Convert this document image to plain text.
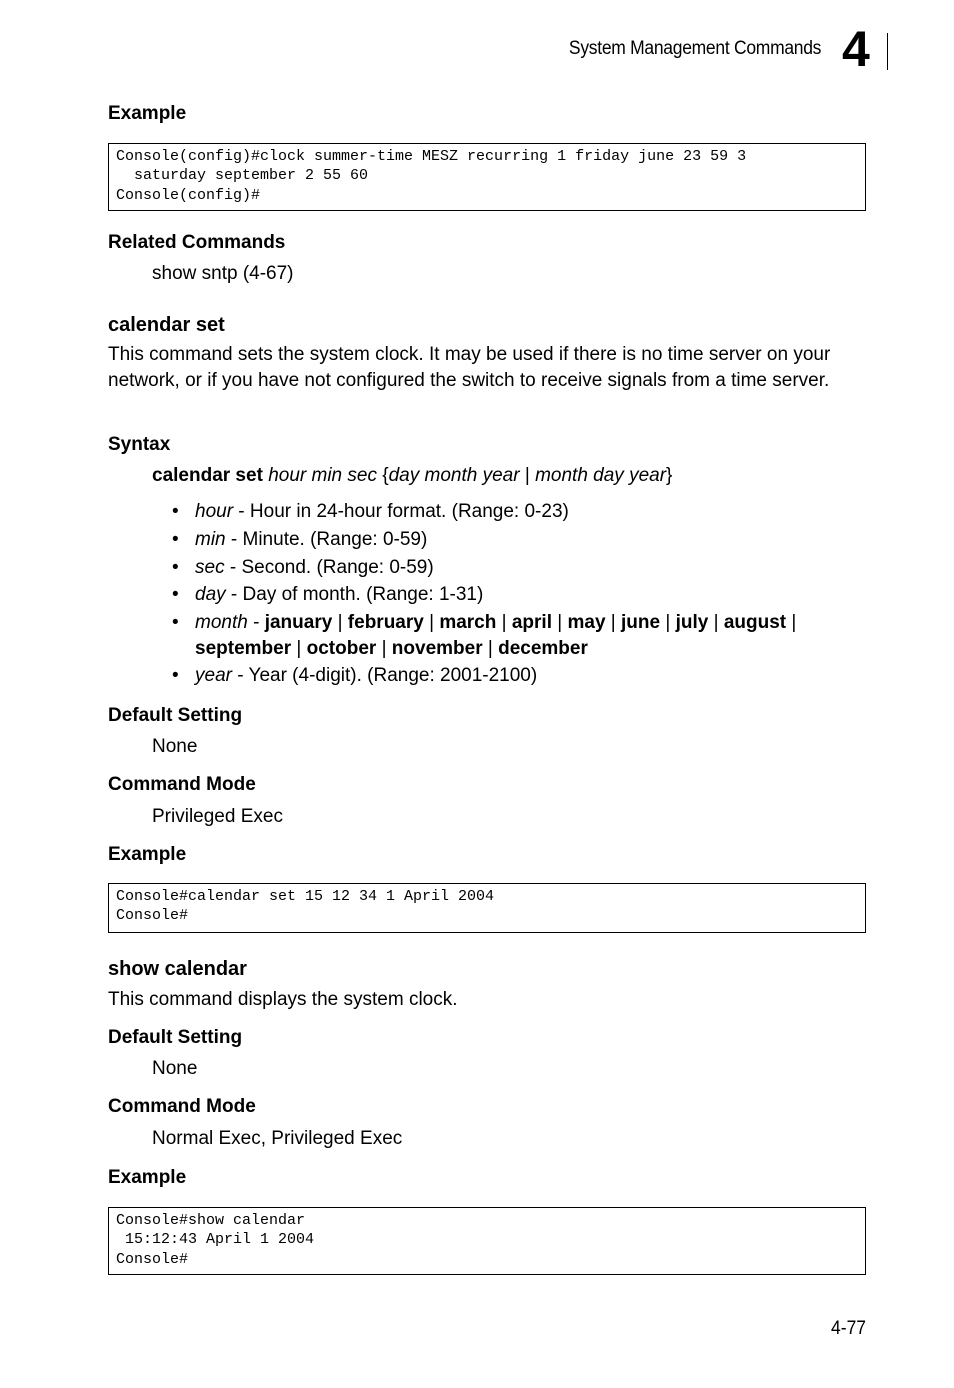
System Management Commands 4
Example
Console(config)#clock summer-time MESZ recurring 1 friday june 23 59 3
saturday september 2 55 60
Console(config)#
Related Commands
show sntp (4-67)
calendar set
This command sets the system clock. It may be used if there is no time server on your network, or if you have not configured the switch to receive signals from a time server.
Syntax
calendar set hour min sec {day month year | month day year}
• hour - Hour in 24-hour format. (Range: 0-23)
• min - Minute. (Range: 0-59)
• sec - Second. (Range: 0-59)
• day - Day of month. (Range: 1-31)
• month - january | february | march | april | may | june | july | august | september | october | november | december
• year - Year (4-digit). (Range: 2001-2100)
Default Setting
None
Command Mode
Privileged Exec
Example
Console#calendar set 15 12 34 1 April 2004
Console#
show calendar
This command displays the system clock.
Default Setting
None
Command Mode
Normal Exec, Privileged Exec
Example
Console#show calendar
15:12:43 April 1 2004
Console#
4-77
